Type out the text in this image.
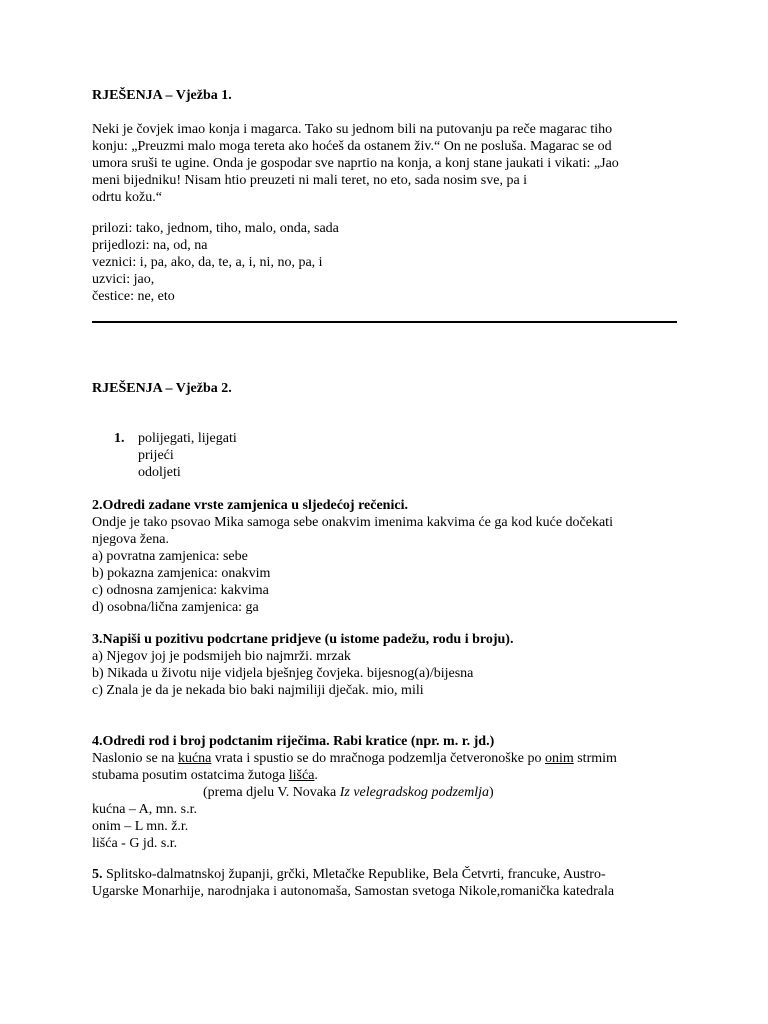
RJEŠENJA – Vježba 1.
Neki je čovjek imao konja i magarca. Tako su jednom bili na putovanju pa reče magarac tiho
konju: „Preuzmi malo moga tereta ako hoćeš da ostanem živ.“ On ne posluša. Magarac se od
umora sruši te ugine. Onda je gospodar sve naprtio na konja, a konj stane jaukati i vikati: „Jao
meni bijedniku! Nisam htio preuzeti ni mali teret, no eto, sada nosim sve, pa i
odrtu kožu.“
prilozi: tako, jednom, tiho, malo, onda, sada
prijedlozi: na, od, na
veznici: i, pa, ako, da, te, a, i, ni, no, pa, i
uzvici: jao,
čestice: ne, eto
RJEŠENJA – Vježba 2.
1. polijegati, lijegati
prijeći
odoljeti
2.Odredi zadane vrste zamjenica u sljedećoj rečenici.
Ondje je tako psovao Mika samoga sebe onakvim imenima kakvima će ga kod kuće dočekati
njegova žena.
a) povratna zamjenica: sebe
b) pokazna zamjenica: onakvim
c) odnosna zamjenica: kakvima
d) osobna/lična zamjenica: ga
3.Napiši u pozitivu podcrtane pridjeve (u istome padežu, rodu i broju).
a) Njegov joj je podsmijeh bio najmrži. mrzak
b) Nikada u životu nije vidjela bješnjeg čovjeka. bijesnog(a)/bijesna
c) Znala je da je nekada bio baki najmiliji dječak. mio, mili
4.Odredi rod i broj podctanim riječima. Rabi kratice (npr. m. r. jd.)
Naslonio se na kućna vrata i spustio se do mračnoga podzemlja četveronoške po onim strmim
stubama posutim ostatcima žutoga lišća.
(prema djelu V. Novaka Iz velegradskog podzemlja)
kućna – A, mn. s.r.
onim – L mn. ž.r.
lišća - G jd. s.r.
5. Splitsko-dalmatnskoj županji, grčki, Mletačke Republike, Bela Četvrti, francuke, Austro-
Ugarske Monarhije, narodnjaka i autonomaša, Samostan svetoga Nikole,romanička katedrala
